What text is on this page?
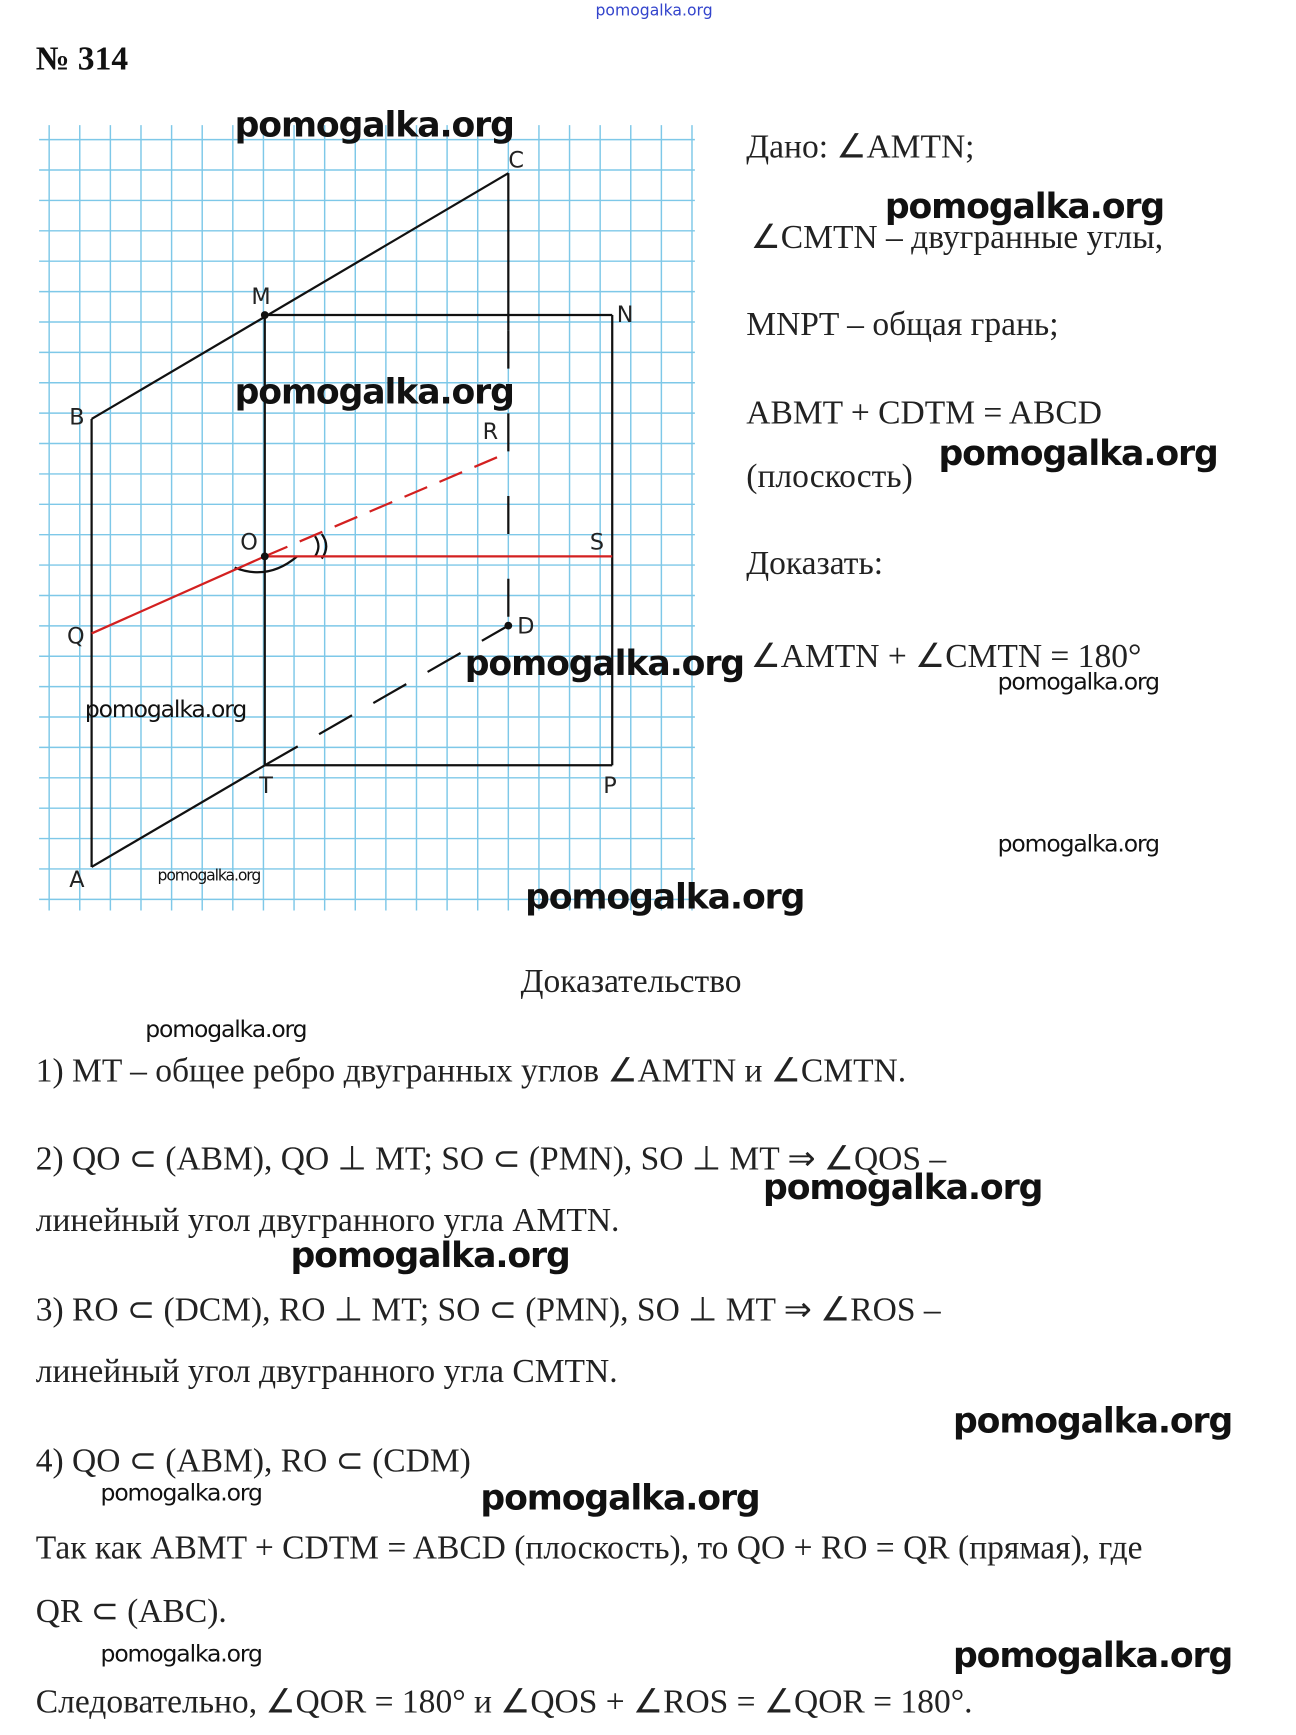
pomogalka.org
№ 314
C
M
N
B
R
O	S
Q	D
T	P
A
Дано: ∠AMTN;
∠CMTN – двугранные углы,
MNPT – общая грань;
ABMT + CDTM = ABCD
(плоскость)
Доказать:
∠AMTN + ∠CMTN = 180°
Доказательство
1) MT – общее ребро двугранных углов ∠AMTN и ∠CMTN.
2) QO ⊂ (ABM), QO ⊥ MT; SO ⊂ (PMN), SO ⊥ MT ⇒ ∠QOS –
линейный угол двугранного угла AMTN.
3) RO ⊂ (DCM), RO ⊥ MT; SO ⊂ (PMN), SO ⊥ MT ⇒ ∠ROS –
линейный угол двугранного угла CMTN.
4) QO ⊂ (ABM), RO ⊂ (CDM)
Так как ABMT + CDTM = ABCD (плоскость), то QO + RO = QR (прямая), где
QR ⊂ (ABC).
Следовательно, ∠QOR = 180° и ∠QOS + ∠ROS = ∠QOR = 180°.
pomogalka.org
pomogalka.org
pomogalka.org
pomogalka.org
pomogalka.org	pomogalka.org
pomogalka.org
pomogalka.org
pomogalka.org
pomogalka.org
pomogalka.org
pomogalka.org
pomogalka.org
pomogalka.org
pomogalka.org	pomogalka.org
pomogalka.org	pomogalka.org
